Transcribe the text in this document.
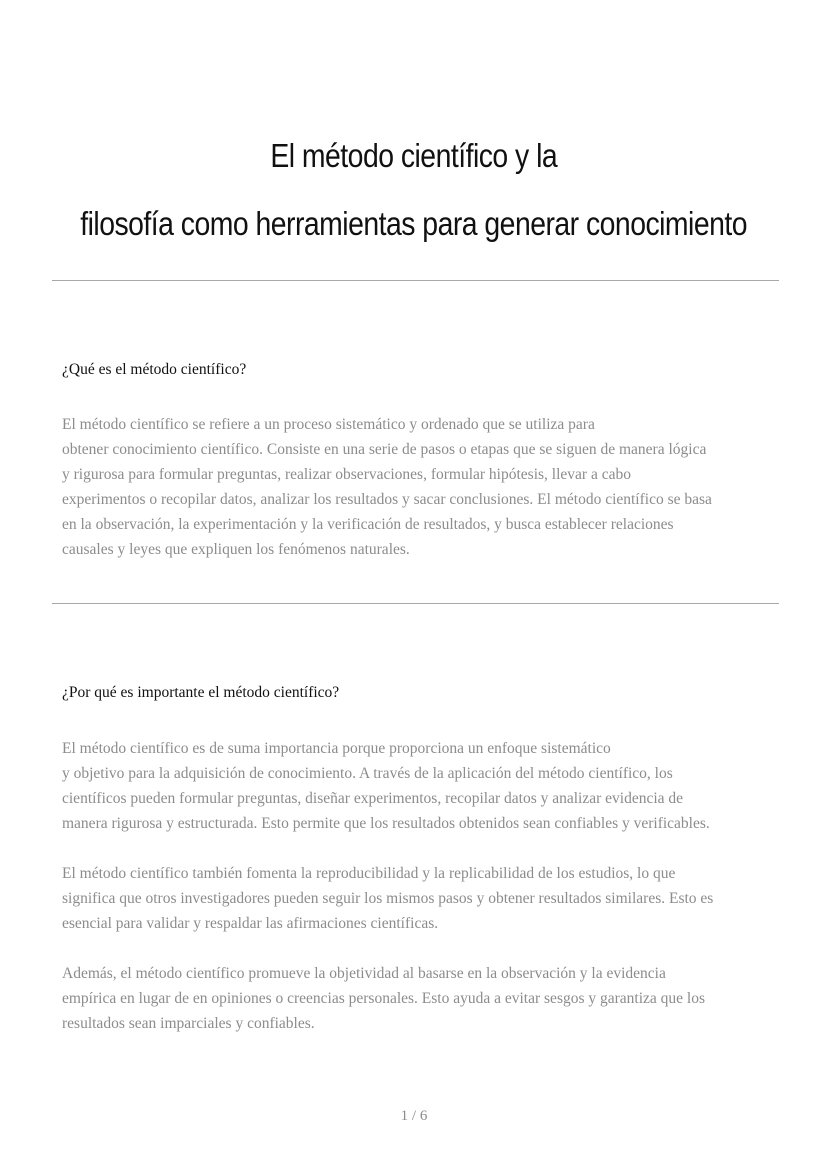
El método científico y la
filosofía como herramientas para generar conocimiento
¿Qué es el método científico?
El método científico se refiere a un proceso sistemático y ordenado que se utiliza para
obtener conocimiento científico. Consiste en una serie de pasos o etapas que se siguen de manera lógica
y rigurosa para formular preguntas, realizar observaciones, formular hipótesis, llevar a cabo
experimentos o recopilar datos, analizar los resultados y sacar conclusiones. El método científico se basa
en la observación, la experimentación y la verificación de resultados, y busca establecer relaciones
causales y leyes que expliquen los fenómenos naturales.
¿Por qué es importante el método científico?
El método científico es de suma importancia porque proporciona un enfoque sistemático
y objetivo para la adquisición de conocimiento. A través de la aplicación del método científico, los
científicos pueden formular preguntas, diseñar experimentos, recopilar datos y analizar evidencia de
manera rigurosa y estructurada. Esto permite que los resultados obtenidos sean confiables y verificables.
El método científico también fomenta la reproducibilidad y la replicabilidad de los estudios, lo que
significa que otros investigadores pueden seguir los mismos pasos y obtener resultados similares. Esto es
esencial para validar y respaldar las afirmaciones científicas.
Además, el método científico promueve la objetividad al basarse en la observación y la evidencia
empírica en lugar de en opiniones o creencias personales. Esto ayuda a evitar sesgos y garantiza que los
resultados sean imparciales y confiables.
1 / 6
